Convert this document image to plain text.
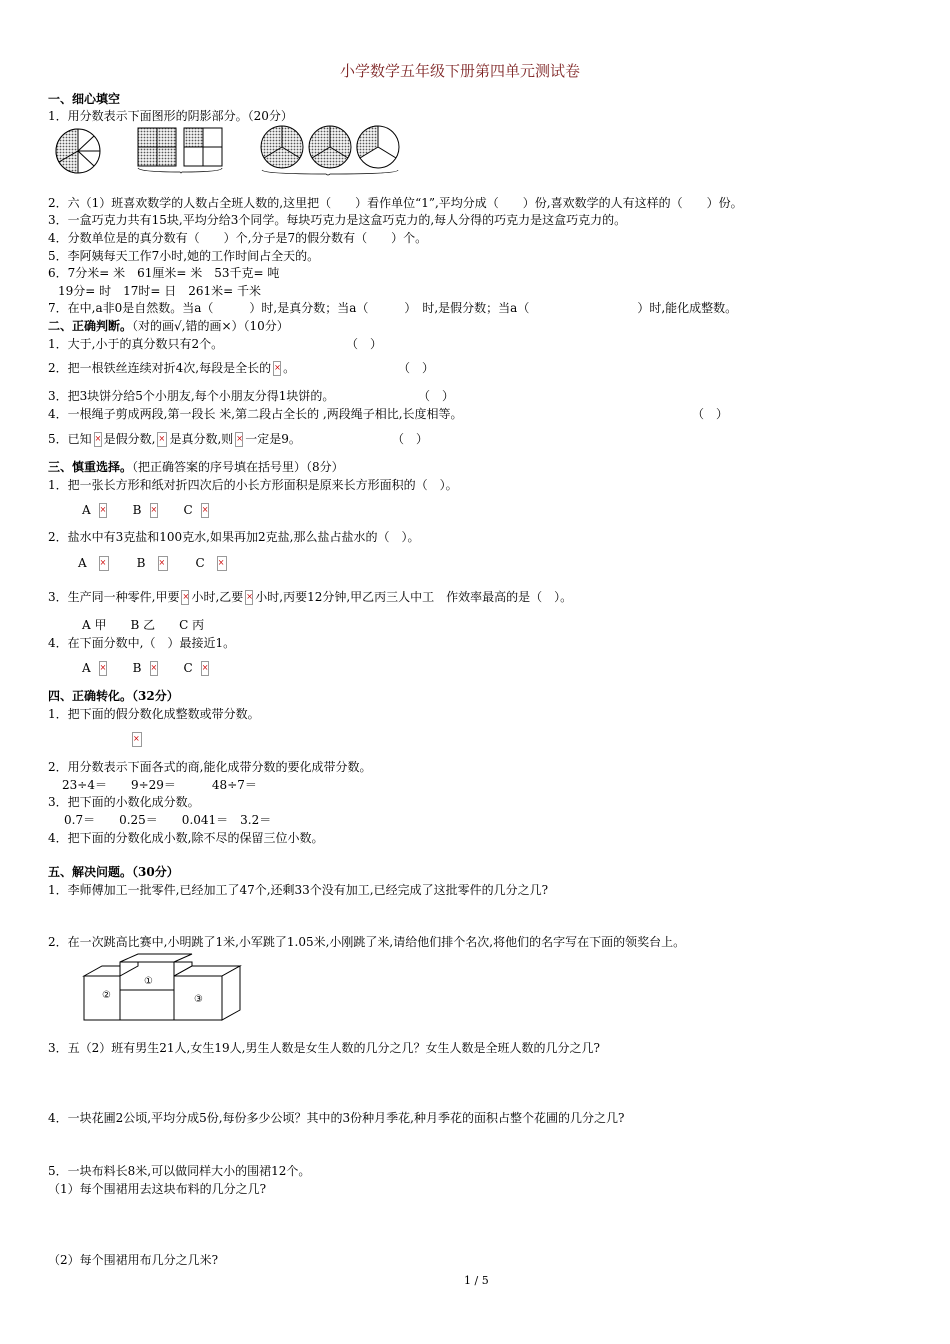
小学数学五年级下册第四单元测试卷
一、细心填空
1．用分数表示下面图形的阴影部分。（20分）
2．六（1）班喜欢数学的人数占全班人数的,这里把（　　）看作单位“1”,平均分成（　　）份,喜欢数学的人有这样的（　　）份。
3．一盒巧克力共有15块,平均分给3个同学。每块巧克力是这盒巧克力的,每人分得的巧克力是这盒巧克力的。
4．分数单位是的真分数有（　　）个,分子是7的假分数有（　　）个。
5．李阿姨每天工作7小时,她的工作时间占全天的。
6．7分米= 米　61厘米= 米　53千克= 吨
19分= 时　17时= 日　261米= 千米
7．在中,a非0是自然数。当a（　　　）时,是真分数；当a（　　　）　时,是假分数；当a（　　　　　　　　　）时,能化成整数。
二、正确判断。（对的画√,错的画×）（10分）
1．大于,小于的真分数只有2个。	（　）
2．把一根铁丝连续对折4次,每段是全长的 × 。	（　）
3．把3块饼分给5个小朋友,每个小朋友分得1块饼的。	（　）
4．一根绳子剪成两段,第一段长 米,第二段占全长的 ,两段绳子相比,长度相等。	（　）
5．已知 × 是假分数, × 是真分数,则 × 一定是9。	（　）
三、慎重选择。（把正确答案的序号填在括号里）（8分）
1．把一张长方形和纸对折四次后的小长方形面积是原来长方形面积的（　）。
A ×	B ×	C×
2．盐水中有3克盐和100克水,如果再加2克盐,那么盐占盐水的（　）。
A ×	B ×	C×
3．生产同一种零件,甲要 × 小时,乙要 × 小时,丙要12分钟,甲乙丙三人中工　作效率最高的是（　）。
A 甲　　B 乙　　C 丙
4．在下面分数中,（　）最接近1。
A ×	B ×	C×
四、正确转化。（32分）
1．把下面的假分数化成整数或带分数。
×
2．用分数表示下面各式的商,能化成带分数的要化成带分数。
23÷4＝　　9÷29＝　　　48÷7＝
3．把下面的小数化成分数。
0.7＝　　0.25＝　　0.041＝　3.2＝
4．把下面的分数化成小数,除不尽的保留三位小数。
五、解决问题。（30分）
1．李师傅加工一批零件,已经加工了47个,还剩33个没有加工,已经完成了这批零件的几分之几?
2．在一次跳高比赛中,小明跳了1米,小军跳了1.05米,小刚跳了米,请给他们排个名次,将他们的名字写在下面的领奖台上。
①
②	③
3．五（2）班有男生21人,女生19人,男生人数是女生人数的几分之几？女生人数是全班人数的几分之几?
4．一块花圃2公顷,平均分成5份,每份多少公顷？其中的3份种月季花,种月季花的面积占整个花圃的几分之几?
5．一块布料长8米,可以做同样大小的围裙12个。
（1）每个围裙用去这块布料的几分之几?
（2）每个围裙用布几分之几米?
1 / 5
